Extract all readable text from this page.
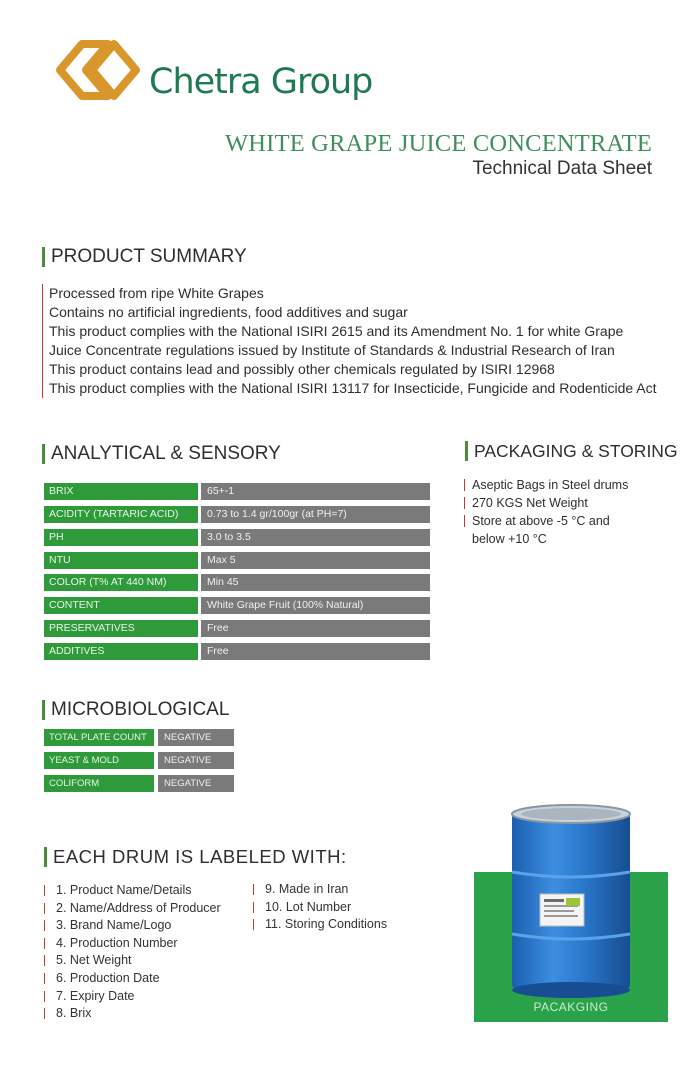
Chetra Group
WHITE GRAPE JUICE CONCENTRATE
Technical Data Sheet
PRODUCT SUMMARY
Processed from ripe White Grapes
Contains no artificial ingredients, food additives and sugar
This product complies with the National ISIRI 2615 and its Amendment No. 1 for white Grape
Juice Concentrate regulations issued by Institute of Standards & Industrial Research of Iran
This product contains lead and possibly other chemicals regulated by ISIRI 12968
This product complies with the National ISIRI 13117 for Insecticide, Fungicide and Rodenticide Act
ANALYTICAL & SENSORY
BRIX	65+-1
ACIDITY (TARTARIC ACID)	0.73 to 1.4 gr/100gr (at PH=7)
PH	3.0 to 3.5
NTU	Max 5
COLOR (T% AT 440 NM)	Min 45
CONTENT	White Grape Fruit (100% Natural)
PRESERVATIVES	Free
ADDITIVES	Free
PACKAGING & STORING
Aseptic Bags in Steel drums
270 KGS Net Weight
Store at above -5 °C and
below +10 °C
MICROBIOLOGICAL
TOTAL PLATE COUNT	NEGATIVE
YEAST & MOLD	NEGATIVE
COLIFORM	NEGATIVE
EACH DRUM IS LABELED WITH:
1. Product Name/Details
2. Name/Address of Producer
3. Brand Name/Logo
4. Production Number
5. Net Weight
6. Production Date
7. Expiry Date
8. Brix
9. Made in Iran
10. Lot Number
11. Storing Conditions
PACAKGING
